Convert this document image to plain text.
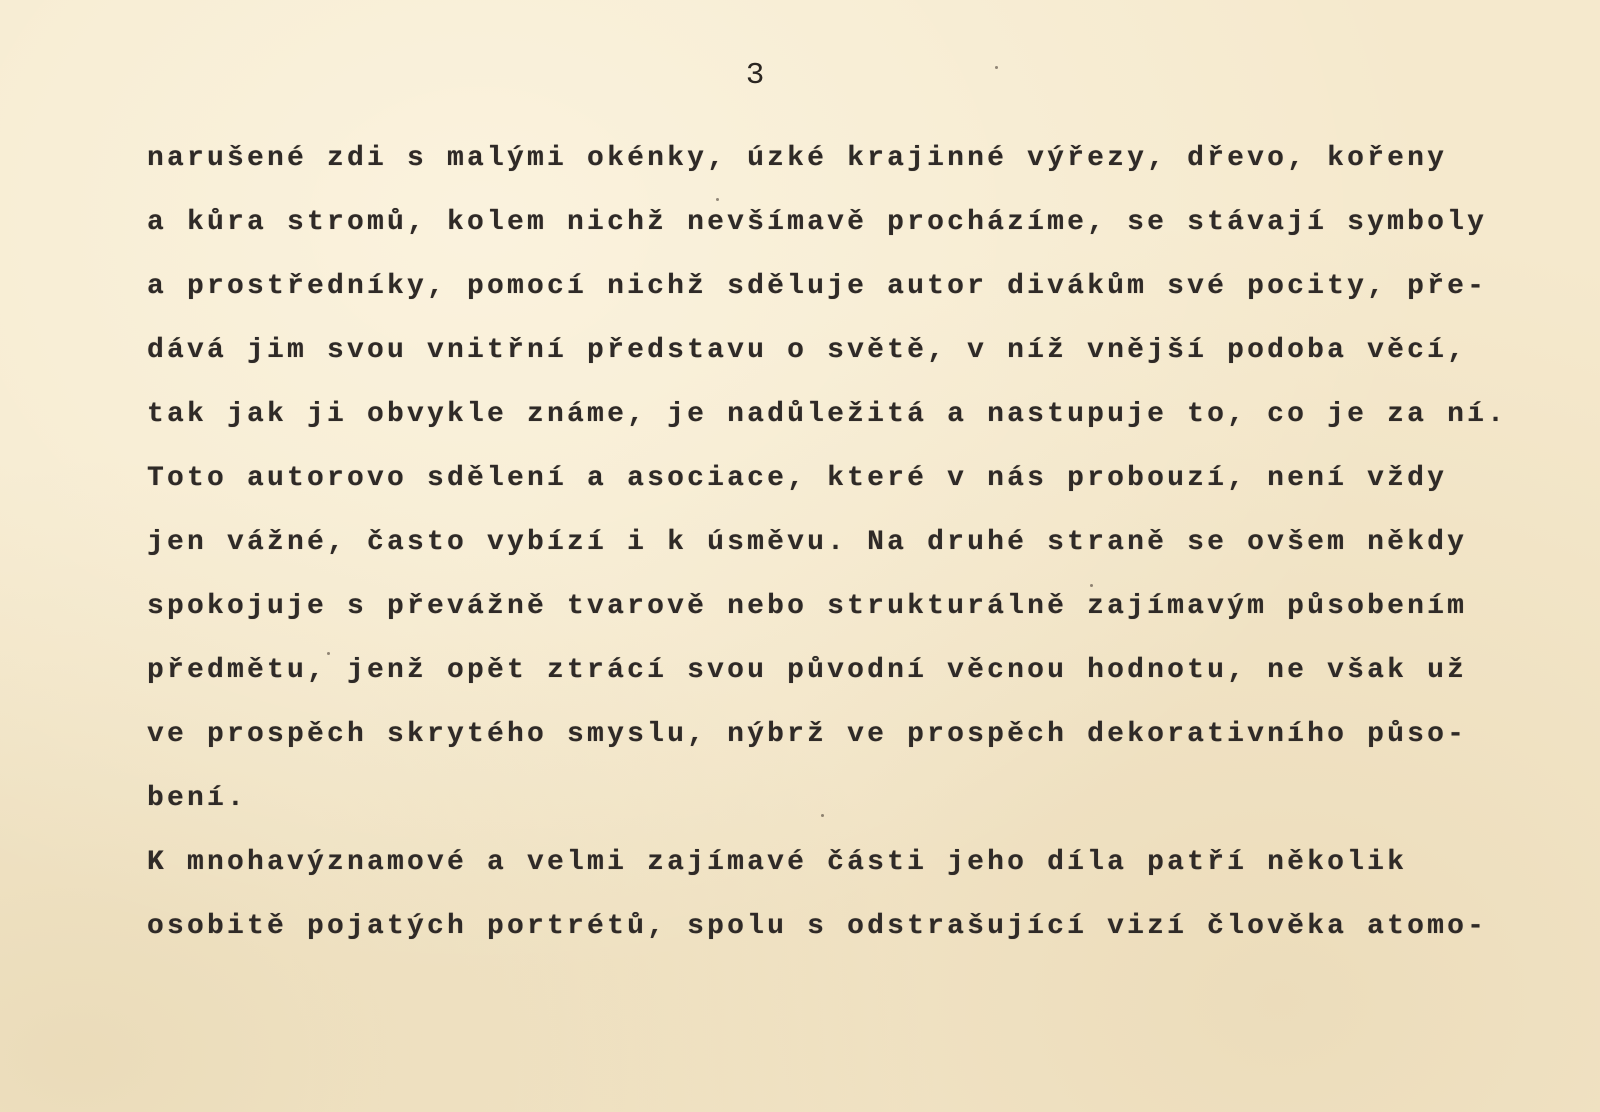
3

narušené zdi s malými okénky, úzké krajinné výřezy, dřevo, kořeny

a kůra stromů, kolem nichž nevšímavě procházíme, se stávají symboly

a prostředníky, pomocí nichž sděluje autor divákům své pocity, pře-

dává jim svou vnitřní představu o světě, v níž vnější podoba věcí,

tak jak ji obvykle známe, je nadůležitá a nastupuje to, co je za ní.

Toto autorovo sdělení a asociace, které v nás probouzí, není vždy

jen vážné, často vybízí i k úsměvu. Na druhé straně se ovšem někdy

spokojuje s převážně tvarově nebo strukturálně zajímavým působením

předmětu, jenž opět ztrácí svou původní věcnou hodnotu, ne však už

ve prospěch skrytého smyslu, nýbrž ve prospěch dekorativního půso-

bení.

K mnohavýznamové a velmi zajímavé části jeho díla patří několik

osobitě pojatých portrétů, spolu s odstrašující vizí člověka atomo-
